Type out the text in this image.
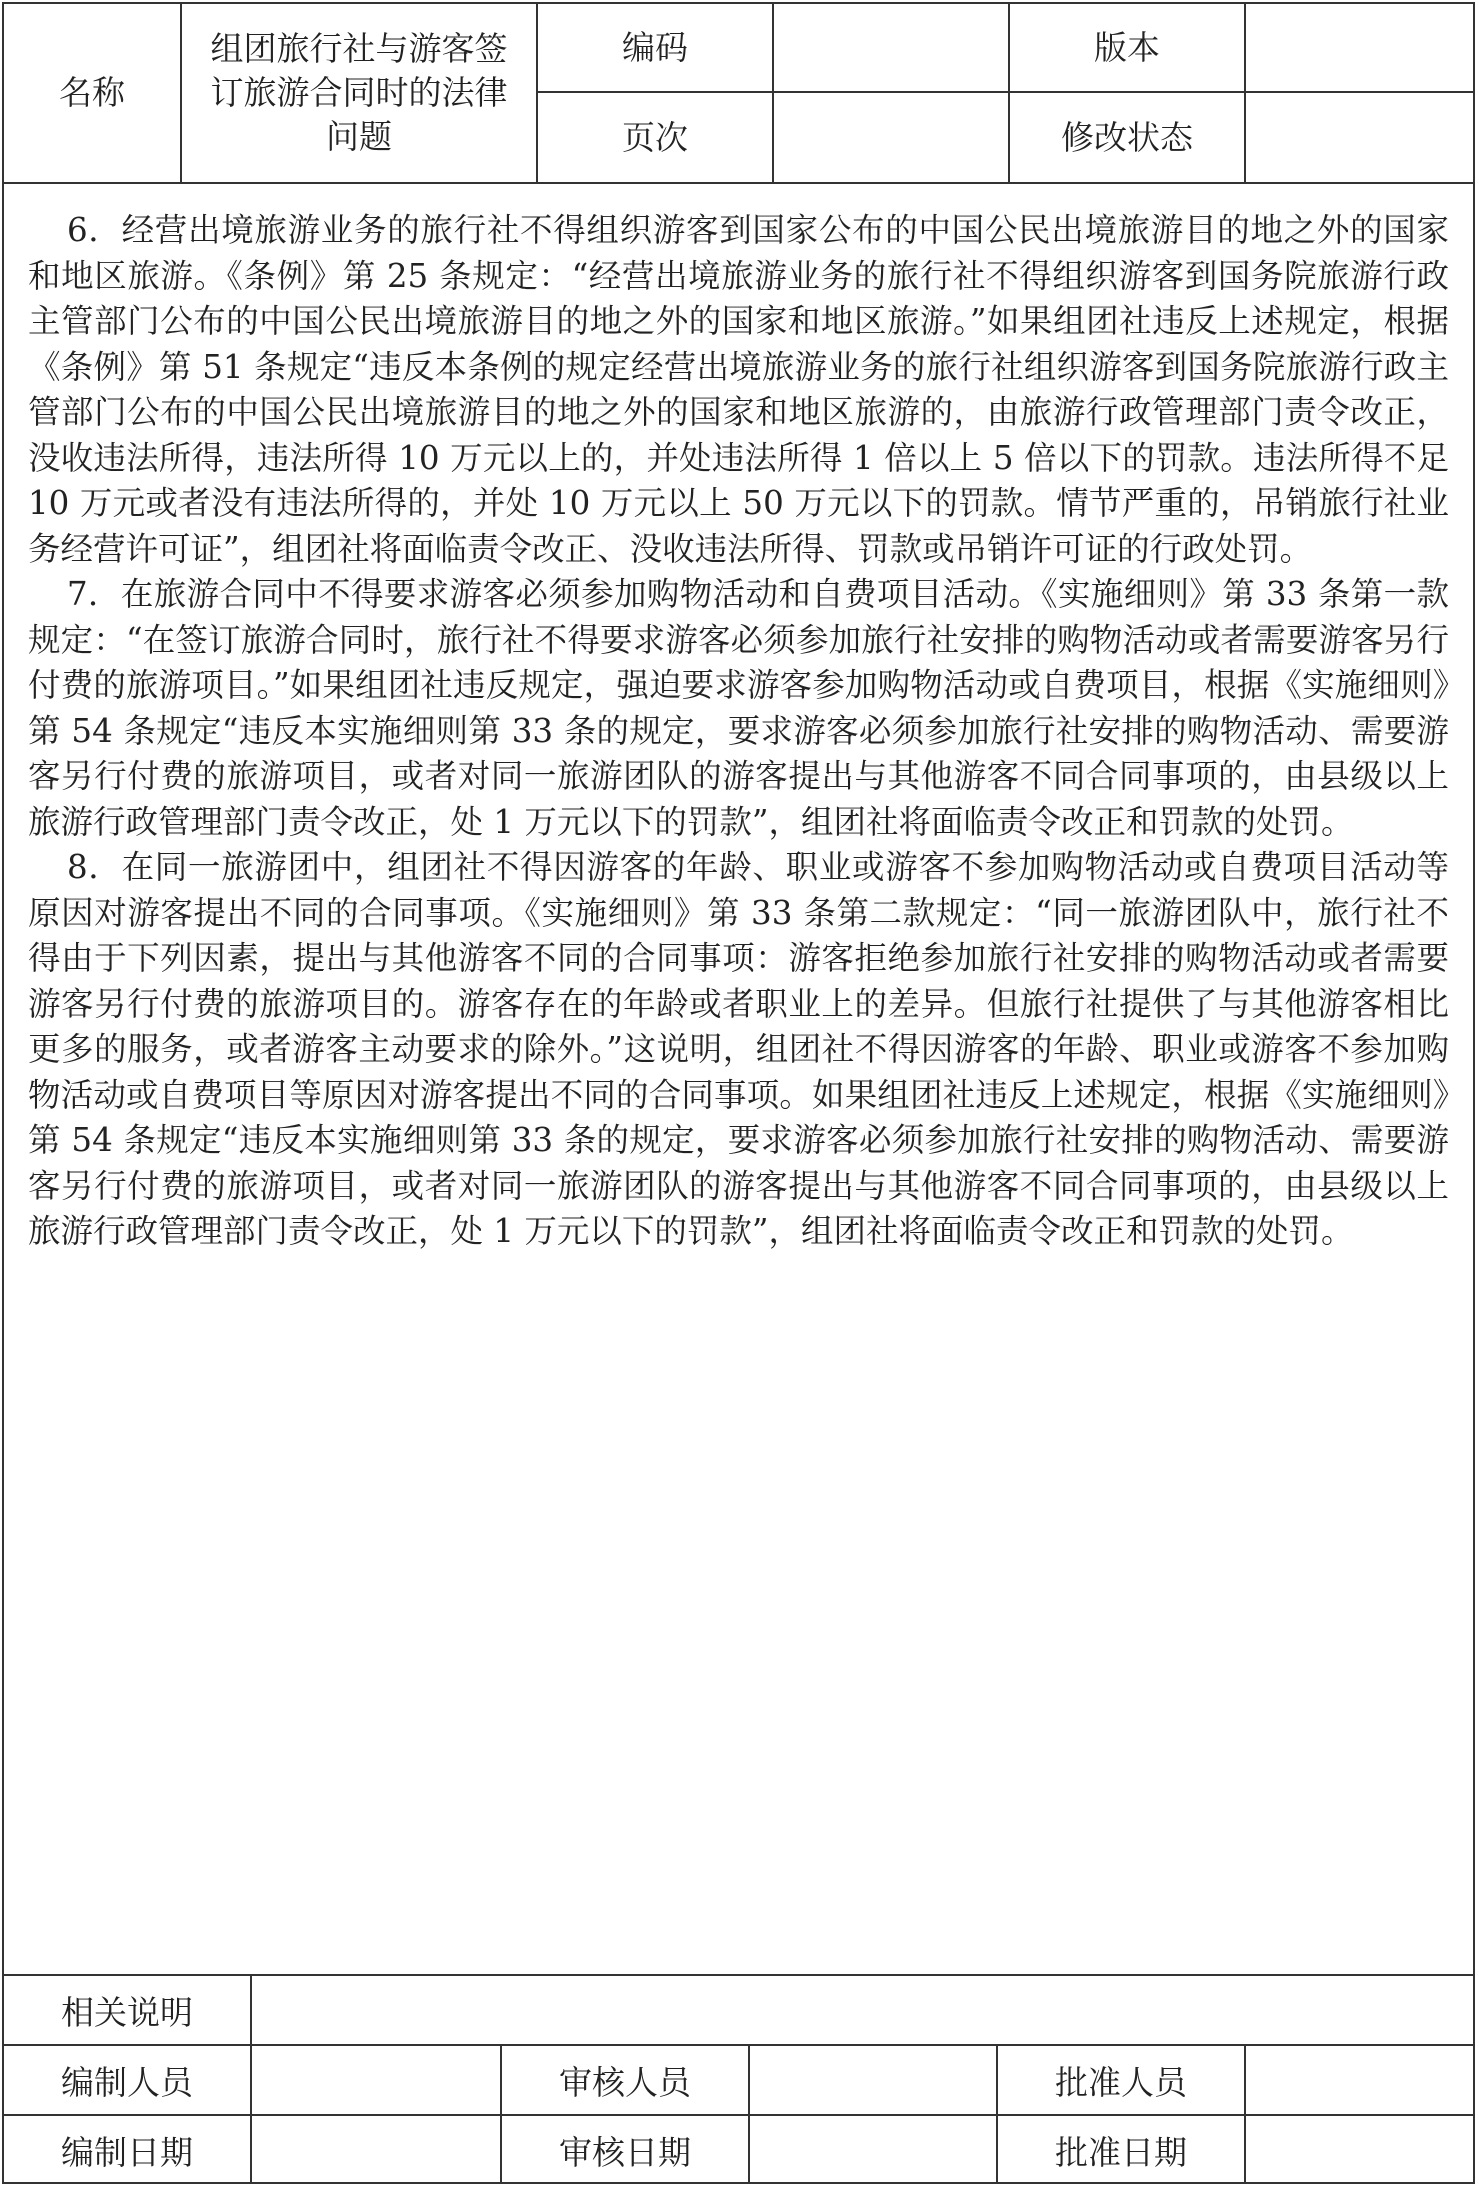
名称
组团旅行社与游客签订旅游合同时的法律问题
编码	版本
页次	修改状态

6．经营出境旅游业务的旅行社不得组织游客到国家公布的中国公民出境旅游目的地之外的国家和地区旅游。《条例》第 25 条规定：“经营出境旅游业务的旅行社不得组织游客到国务院旅游行政主管部门公布的中国公民出境旅游目的地之外的国家和地区旅游。”如果组团社违反上述规定，根据《条例》第 51 条规定“违反本条例的规定经营出境旅游业务的旅行社组织游客到国务院旅游行政主管部门公布的中国公民出境旅游目的地之外的国家和地区旅游的，由旅游行政管理部门责令改正，没收违法所得，违法所得 10 万元以上的，并处违法所得 1 倍以上 5 倍以下的罚款。违法所得不足 10 万元或者没有违法所得的，并处 10 万元以上 50 万元以下的罚款。情节严重的，吊销旅行社业务经营许可证”，组团社将面临责令改正、没收违法所得、罚款或吊销许可证的行政处罚。

7．在旅游合同中不得要求游客必须参加购物活动和自费项目活动。《实施细则》第 33 条第一款规定：“在签订旅游合同时，旅行社不得要求游客必须参加旅行社安排的购物活动或者需要游客另行付费的旅游项目。”如果组团社违反规定，强迫要求游客参加购物活动或自费项目，根据《实施细则》第 54 条规定“违反本实施细则第 33 条的规定，要求游客必须参加旅行社安排的购物活动、需要游客另行付费的旅游项目，或者对同一旅游团队的游客提出与其他游客不同合同事项的，由县级以上旅游行政管理部门责令改正，处 1 万元以下的罚款”，组团社将面临责令改正和罚款的处罚。

8．在同一旅游团中，组团社不得因游客的年龄、职业或游客不参加购物活动或自费项目活动等原因对游客提出不同的合同事项。《实施细则》第 33 条第二款规定：“同一旅游团队中，旅行社不得由于下列因素，提出与其他游客不同的合同事项：游客拒绝参加旅行社安排的购物活动或者需要游客另行付费的旅游项目的。游客存在的年龄或者职业上的差异。但旅行社提供了与其他游客相比更多的服务，或者游客主动要求的除外。”这说明，组团社不得因游客的年龄、职业或游客不参加购物活动或自费项目等原因对游客提出不同的合同事项。如果组团社违反上述规定，根据《实施细则》第 54 条规定“违反本实施细则第 33 条的规定，要求游客必须参加旅行社安排的购物活动、需要游客另行付费的旅游项目，或者对同一旅游团队的游客提出与其他游客不同合同事项的，由县级以上旅游行政管理部门责令改正，处 1 万元以下的罚款”，组团社将面临责令改正和罚款的处罚。

相关说明
编制人员	审核人员	批准人员
编制日期	审核日期	批准日期
